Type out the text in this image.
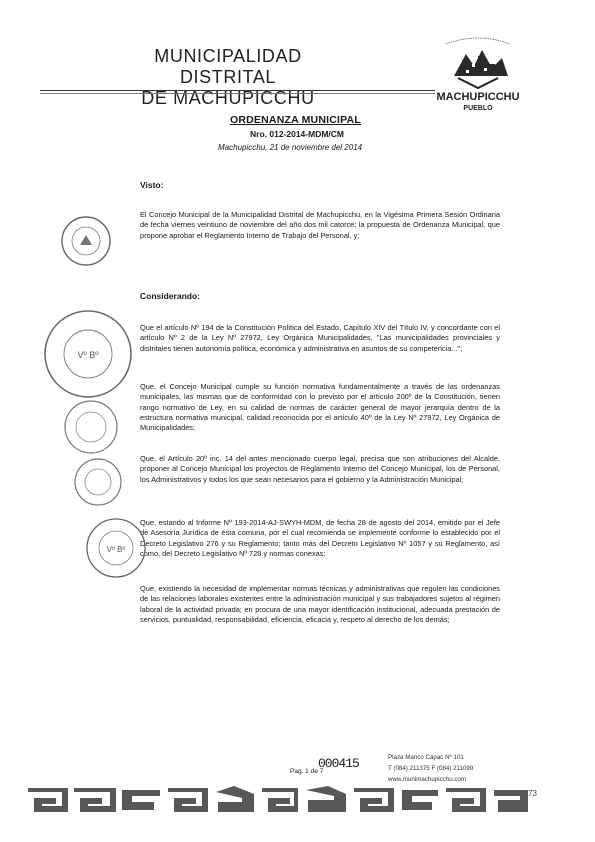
MUNICIPALIDAD DISTRITAL
DE MACHUPICCHU	MACHUPICCHU
PUEBLO
ORDENANZA MUNICIPAL
Nro. 012-2014-MDM/CM
Machupicchu, 21 de noviembre del 2014
Visto:
El Concejo Municipal de la Municipalidad Distrital de Machupicchu, en la Vigésima Primera Sesión Ordinaria de fecha viernes veintiuno de noviembre del año dos mil catorce; la propuesta de Ordenanza Municipal, que propone aprobar el Reglamento Interno de Trabajo del Personal, y;
Considerando:
Que el artículo Nº 194 de la Constitución Política del Estado, Capítulo XIV del Título IV, y concordante con el artículo Nº 2 de la Ley Nº 27972, Ley Orgánica Municipalidades, "Las municipalidades provinciales y distritales tienen autonomía política, económica y administrativa en asuntos de su competencia...";
Que, el Concejo Municipal cumple su función normativa fundamentalmente a través de las ordenanzas municipales, las mismas que de conformidad con lo previsto por el artículo 200º de la Constitución, tienen rango normativo de Ley, en su calidad de normas de carácter general de mayor jerarquía dentro de la estructura normativa municipal, calidad reconocida por el artículo 40º de la Ley Nº 27972, Ley Orgánica de Municipalidades;
Que, el Artículo 20º inc. 14 del antes mencionado cuerpo legal, precisa que son atribuciones del Alcalde, proponer al Concejo Municipal los proyectos de Reglamento Interno del Concejo Municipal, los de Personal, los Administrativos y todos los que sean necesarios para el gobierno y la Administración Municipal;
Que, estando al Informe Nº 193-2014-AJ-SWYH-MDM, de fecha 28 de agosto del 2014, emitido por el Jefe de Asesoría Jurídica de ésta comuna, por el cual recomienda se implemente conforme lo establecido por el Decreto Legislativo 276 y su Reglamento; tanto más del Decreto Legislativo Nº 1057 y su Reglamento, así como, del Decreto Legislativo Nº 728 y normas conexas;
Que, existiendo la necesidad de implementar normas técnicas y administrativas que regulen las condiciones de las relaciones laborales existentes entre la administración municipal y sus trabajadores sujetos al régimen laboral de la actividad privada; en procura de una mayor identificación institucional, adecuada prestación de servicios, puntualidad, responsabilidad, eficiencia, eficacia y, respeto al derecho de los demás;
Vº Bº
Vº Bº
000415
Pag. 1 de 7
Plaza Manco Cápac Nº 101
T (084) 211375 F (084) 211099
www.munimachupicchu.com
73
